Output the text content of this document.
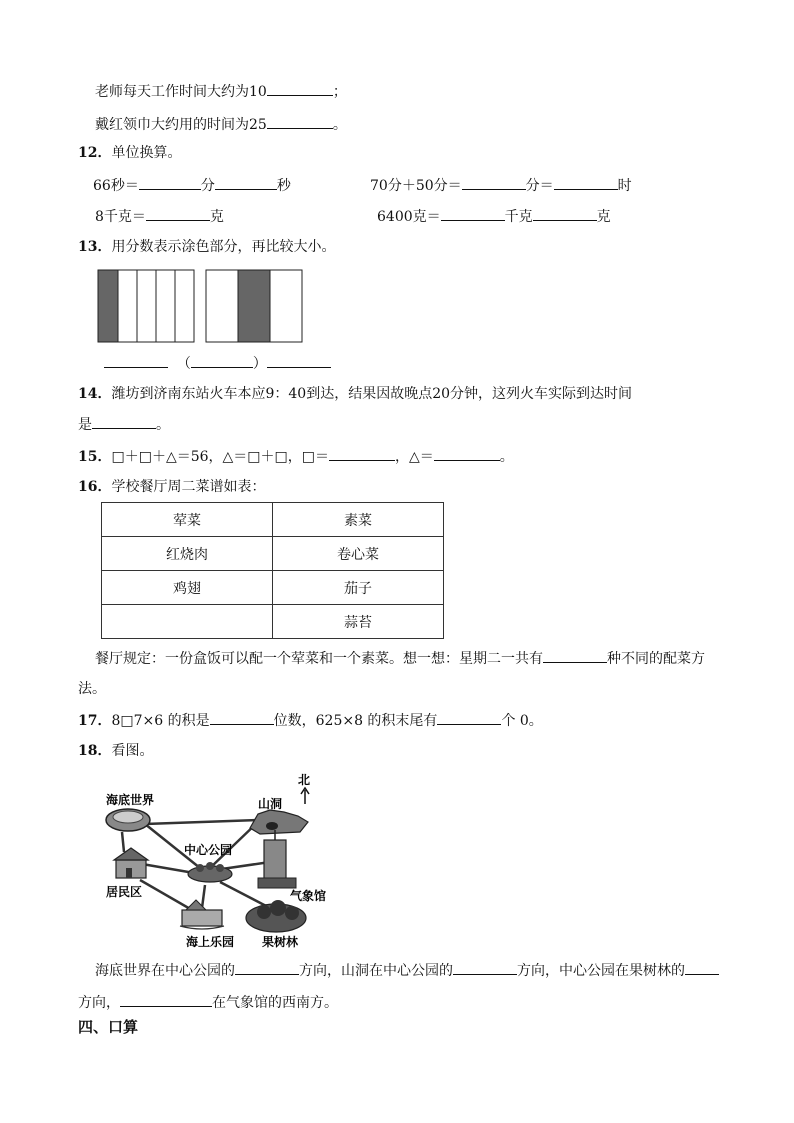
老师每天工作时间大约为10	；
戴红领巾大约用的时间为25	。
12．单位换算。
66秒＝	分	秒	70分＋50分＝	分＝	时
8千克＝	克	6400克＝	千克	克
13．用分数表示涂色部分，再比较大小。
（	）
14．潍坊到济南东站火车本应9：40到达，结果因故晚点20分钟，这列火车实际到达时间
是	。
15．□＋□＋△＝56，△＝□＋□，□＝	，△＝	。
16．学校餐厅周二菜谱如表：
荤菜	素菜
红烧肉	卷心菜
鸡翅	茄子
	蒜苔
餐厅规定：一份盒饭可以配一个荤菜和一个素菜。想一想：星期二一共有	种不同的配菜方
法。
17．8□7×6 的积是	位数，625×8 的积末尾有	个 0。
18．看图。
海底世界	山洞
北
中心公园
居民区	气象馆
海上乐园 果树林
海底世界在中心公园的	方向，山洞在中心公园的	方向，中心公园在果树林的
方向，	在气象馆的西南方。
四、口算
